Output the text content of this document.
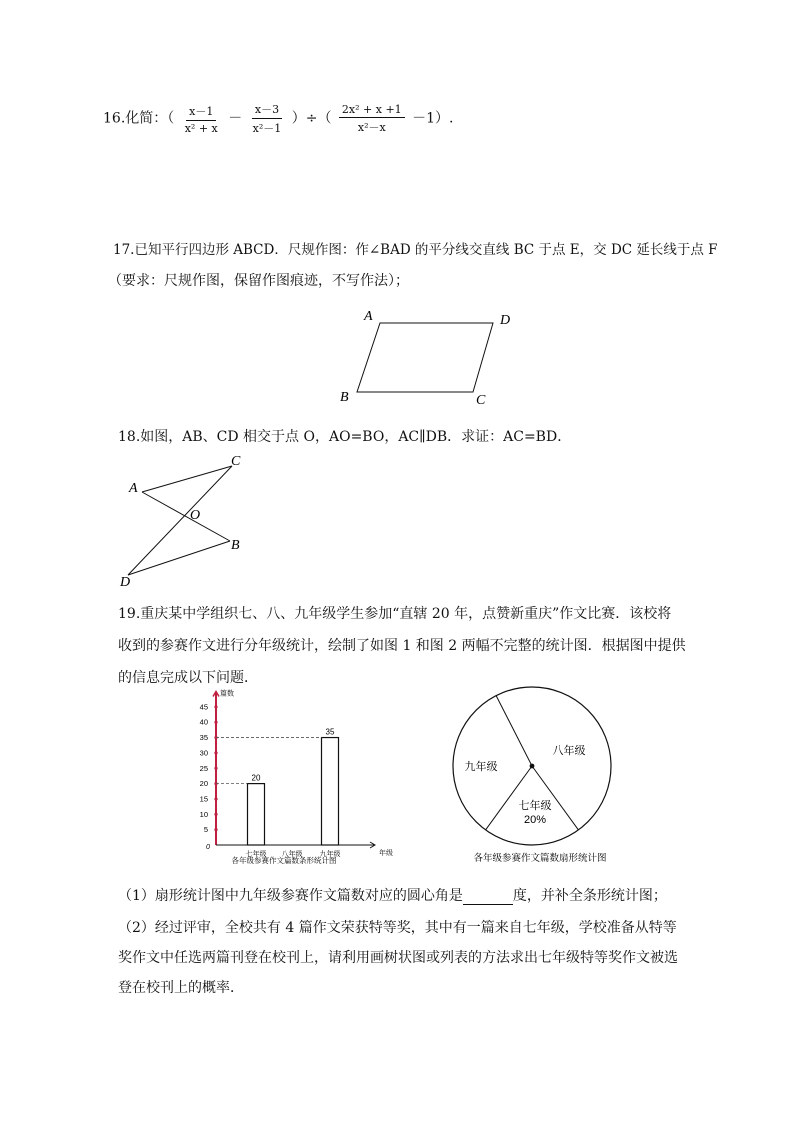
16.化简：（ $\frac{x-1}{\text{x² + x}} - \frac{x-3}{\text{x²－1}}$ ）÷（ $\frac{\text{2x² + x +1}}{\text{x²－x}} -1$）.
17.已知平行四边形 ABCD．尺规作图：作∠BAD 的平分线交直线 BC 于点 E，交 DC 延长线于点 F
（要求：尺规作图，保留作图痕迹，不写作法）；
A	D
B	C
18.如图，AB、CD 相交于点 O，AO=BO，AC∥DB．求证：AC=BD．
A
C
O
B
D
19.重庆某中学组织七、八、九年级学生参加“直辖 20 年，点赞新重庆”作文比赛．该校将
收到的参赛作文进行分年级统计，绘制了如图 1 和图 2 两幅不完整的统计图．根据图中提供
的信息完成以下问题．
篇数
年级
0
5
10
15
20
25
30
35
40
45
七年级
20
八年级 九年级
35
各年级参赛作文篇数条形统计图
八年级
九年级
七年级
20%
各年级参赛作文篇数扇形统计图
（1）扇形统计图中九年级参赛作文篇数对应的圆心角是	度，并补全条形统计图；
（2）经过评审，全校共有 4 篇作文荣获特等奖，其中有一篇来自七年级，学校准备从特等
奖作文中任选两篇刊登在校刊上，请利用画树状图或列表的方法求出七年级特等奖作文被选
登在校刊上的概率．
